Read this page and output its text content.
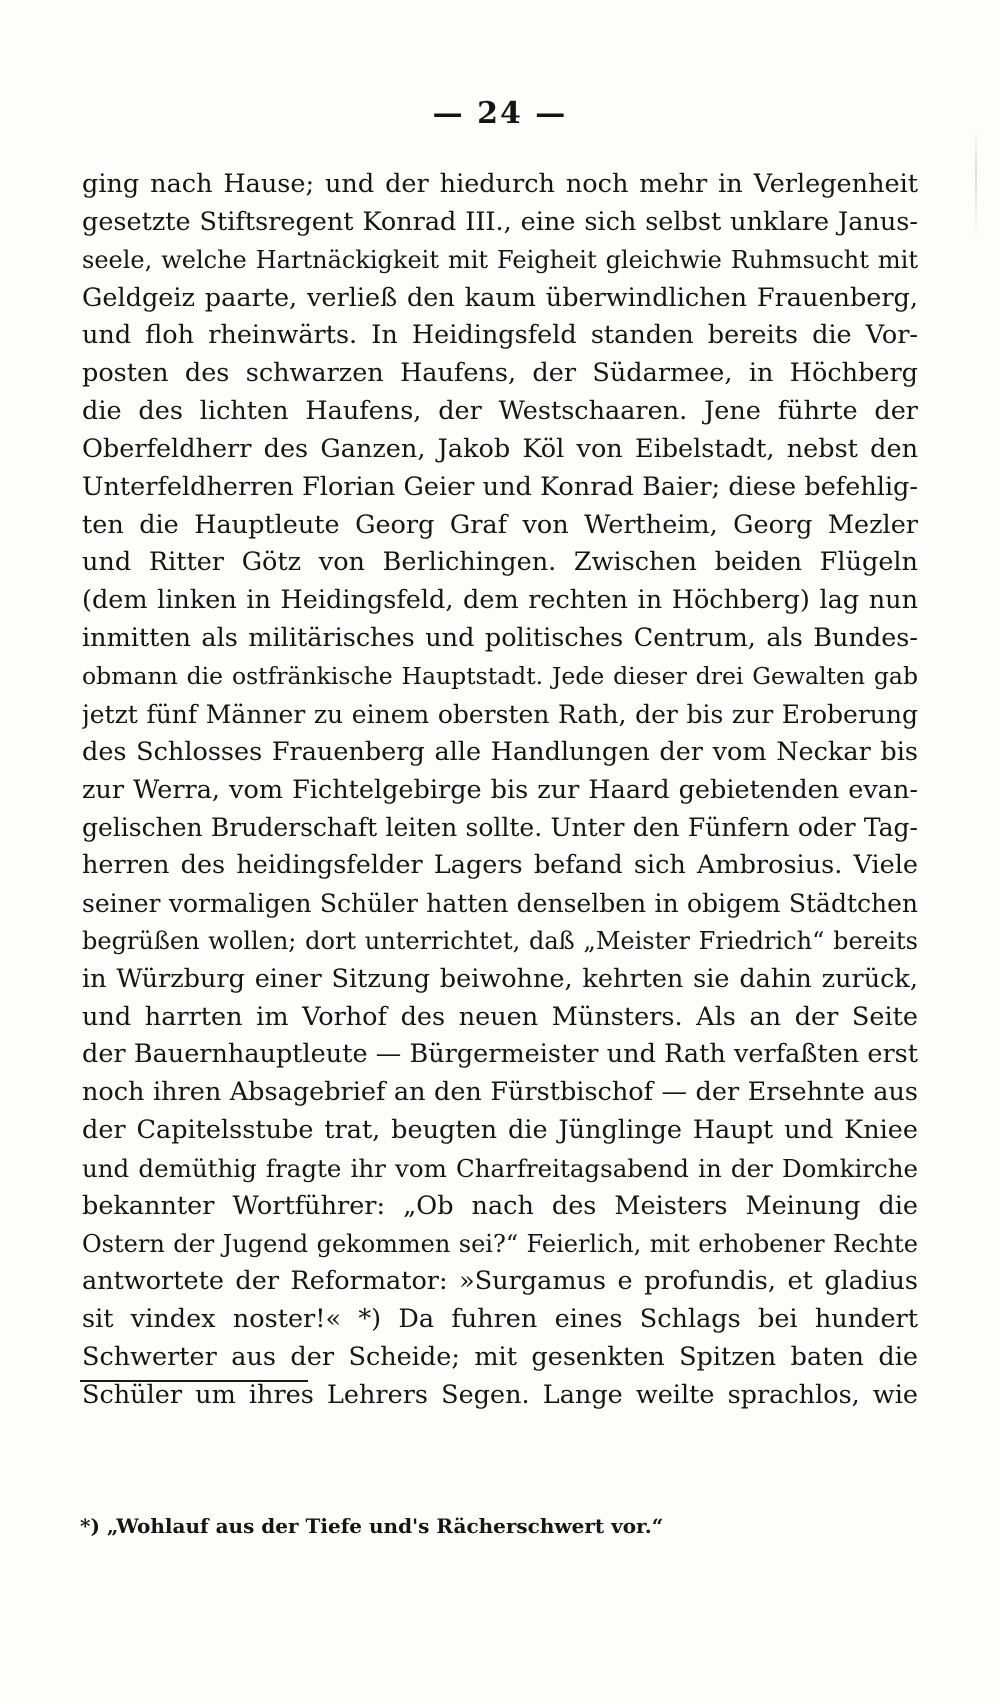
— 24 —
ging nach Hause; und der hiedurch noch mehr in Verlegenheit
gesetzte Stiftsregent Konrad III., eine sich selbst unklare Janus-
seele, welche Hartnäckigkeit mit Feigheit gleichwie Ruhmsucht mit
Geldgeiz paarte, verließ den kaum überwindlichen Frauenberg,
und floh rheinwärts. In Heidingsfeld standen bereits die Vor-
posten des schwarzen Haufens, der Südarmee, in Höchberg
die des lichten Haufens, der Westschaaren. Jene führte der
Oberfeldherr des Ganzen, Jakob Köl von Eibelstadt, nebst den
Unterfeldherren Florian Geier und Konrad Baier; diese befehlig-
ten die Hauptleute Georg Graf von Wertheim, Georg Mezler
und Ritter Götz von Berlichingen. Zwischen beiden Flügeln
(dem linken in Heidingsfeld, dem rechten in Höchberg) lag nun
inmitten als militärisches und politisches Centrum, als Bundes-
obmann die ostfränkische Hauptstadt. Jede dieser drei Gewalten gab
jetzt fünf Männer zu einem obersten Rath, der bis zur Eroberung
des Schlosses Frauenberg alle Handlungen der vom Neckar bis
zur Werra, vom Fichtelgebirge bis zur Haard gebietenden evan-
gelischen Bruderschaft leiten sollte. Unter den Fünfern oder Tag-
herren des heidingsfelder Lagers befand sich Ambrosius. Viele
seiner vormaligen Schüler hatten denselben in obigem Städtchen
begrüßen wollen; dort unterrichtet, daß „Meister Friedrich“ bereits
in Würzburg einer Sitzung beiwohne, kehrten sie dahin zurück,
und harrten im Vorhof des neuen Münsters. Als an der Seite
der Bauernhauptleute — Bürgermeister und Rath verfaßten erst
noch ihren Absagebrief an den Fürstbischof — der Ersehnte aus
der Capitelsstube trat, beugten die Jünglinge Haupt und Kniee
und demüthig fragte ihr vom Charfreitagsabend in der Domkirche
bekannter Wortführer: „Ob nach des Meisters Meinung die
Ostern der Jugend gekommen sei?“ Feierlich, mit erhobener Rechte
antwortete der Reformator: »Surgamus e profundis, et gladius
sit vindex noster!« *) Da fuhren eines Schlags bei hundert
Schwerter aus der Scheide; mit gesenkten Spitzen baten die
Schüler um ihres Lehrers Segen. Lange weilte sprachlos, wie
*) „Wohlauf aus der Tiefe und's Rächerschwert vor.“
